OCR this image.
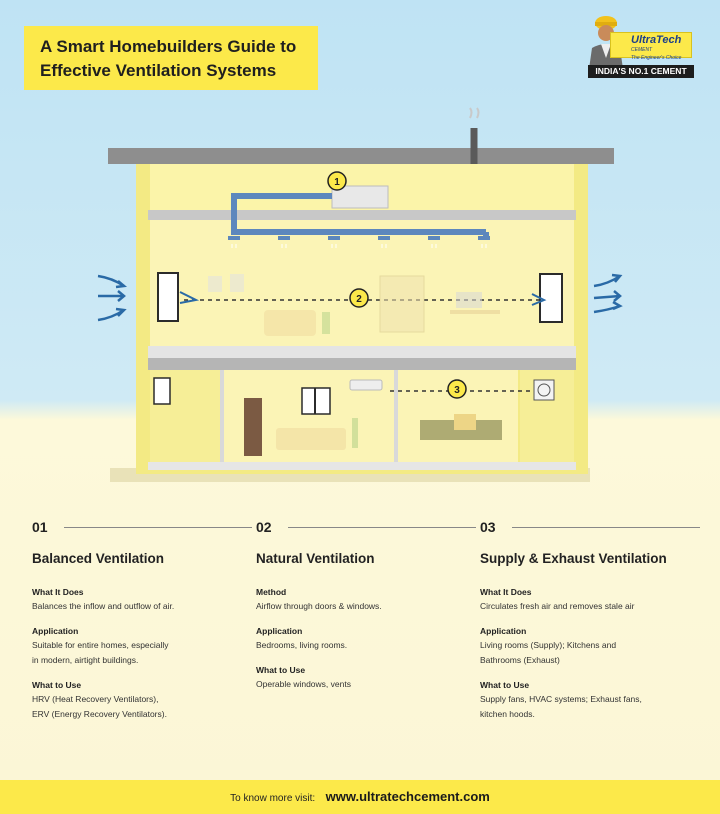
A Smart Homebuilders Guide to
Effective Ventilation Systems
UltraTech
CEMENT
The Engineer's Choice
INDIA'S NO.1 CEMENT
1
2
3
01
Balanced Ventilation
What It Does
Balances the inflow and outflow of air.
Application
Suitable for entire homes, especially
in modern, airtight buildings.
What to Use
HRV (Heat Recovery Ventilators),
ERV (Energy Recovery Ventilators).
02
Natural Ventilation
Method
Airflow through doors & windows.
Application
Bedrooms, living rooms.
What to Use
Operable windows, vents
03
Supply & Exhaust Ventilation
What It Does
Circulates fresh air and removes stale air
Application
Living rooms (Supply); Kitchens and
Bathrooms (Exhaust)
What to Use
Supply fans, HVAC systems; Exhaust fans,
kitchen hoods.
To know more visit: www.ultratechcement.com
